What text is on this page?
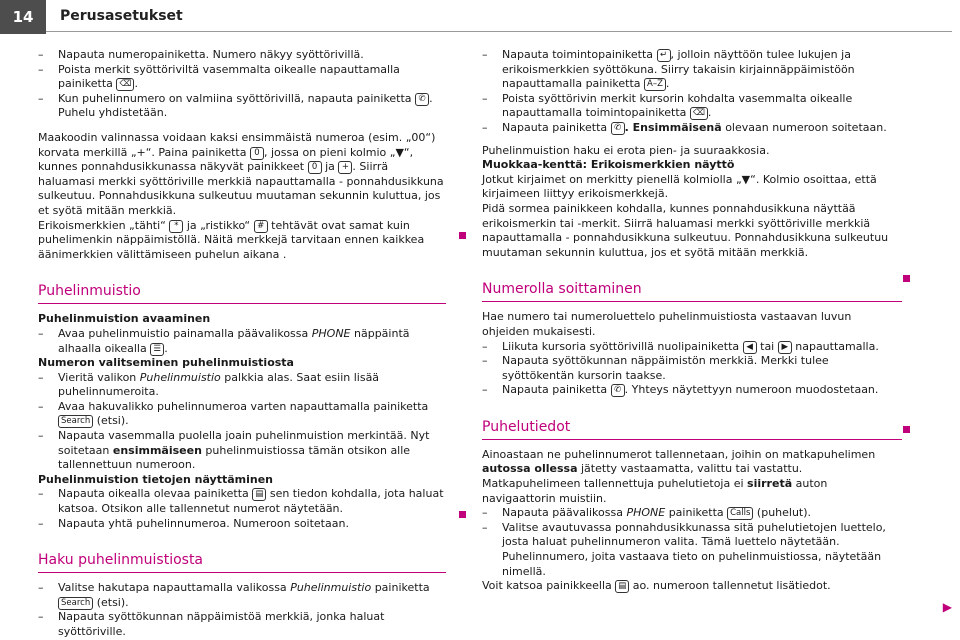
14	Perusasetukset

– Napauta numeropainiketta. Numero näkyy syöttörivillä.

– Poista merkit syöttöriviltä vasemmalta oikealle napauttamalla painiketta ⌫ .

– Kun puhelinnumero on valmiina syöttörivillä, napauta painiketta ✆ . Puhelu yhdistetään.

Maakoodin valinnassa voidaan kaksi ensimmäistä numeroa (esim. „00“) korvata merkillä „+“. Paina painiketta 0 , jossa on pieni kolmio „▼“, kunnes ponnahdusikkunassa näkyvät painikkeet 0 ja + . Siirrä haluamasi merkki syöttöriville merkkiä napauttamalla - ponnahdusikkuna sulkeutuu. Ponnahdusikkuna sulkeutuu muutaman sekunnin kuluttua, jos et syötä mitään merkkiä.

Erikoismerkkien „tähti“ * ja „ristikko“ # tehtävät ovat samat kuin puhelimenkin näppäimistöllä. Näitä merkkejä tarvitaan ennen kaikkea äänimerkkien välittämiseen puhelun aikana .

Puhelinmuistio

Puhelinmuistion avaaminen

– Avaa puhelinmuistio painamalla päävalikossa PHONE näppäintä alhaalla oikealla ☰ .

Numeron valitseminen puhelinmuistiosta

– Vieritä valikon Puhelinmuistio palkkia alas. Saat esiin lisää puhelinnumeroita.

– Avaa hakuvalikko puhelinnumeroa varten napauttamalla painiketta Search (etsi).

– Napauta vasemmalla puolella joain puhelinmuistion merkintää. Nyt soitetaan ensimmäiseen puhelinmuistiossa tämän otsikon alle tallennettuun numeroon.

Puhelinmuistion tietojen näyttäminen

– Napauta oikealla olevaa painiketta ▤ sen tiedon kohdalla, jota haluat katsoa. Otsikon alle tallennetut numerot näytetään.

– Napauta yhtä puhelinnumeroa. Numeroon soitetaan.

Haku puhelinmuistiosta

– Valitse hakutapa napauttamalla valikossa Puhelinmuistio painiketta Search (etsi).

– Napauta syöttökunnan näppäimistöä merkkiä, jonka haluat syöttöriville.

– Napauta toimintopainiketta ↵ , jolloin näyttöön tulee lukujen ja erikoismerkkien syöttökuna. Siirry takaisin kirjainnäppäimistöön napauttamalla painiketta A–Z .

– Poista syöttörivin merkit kursorin kohdalta vasemmalta oikealle napauttamalla toimintopainiketta ⌫ .

– Napauta painiketta ✆ . Ensimmäisenä olevaan numeroon soitetaan.

Puhelinmuistion haku ei erota pien- ja suuraakkosia.

Muokkaa-kenttä: Erikoismerkkien näyttö

Jotkut kirjaimet on merkitty pienellä kolmiolla „▼“. Kolmio osoittaa, että kirjaimeen liittyy erikoismerkkejä.

Pidä sormea painikkeen kohdalla, kunnes ponnahdusikkuna näyttää erikoismerkin tai -merkit. Siirrä haluamasi merkki syöttöriville merkkiä napauttamalla - ponnahdusikkuna sulkeutuu. Ponnahdusikkuna sulkeutuu muutaman sekunnin kuluttua, jos et syötä mitään merkkiä.

Numerolla soittaminen

Hae numero tai numeroluettelo puhelinmuistiosta vastaavan luvun ohjeiden mukaisesti.

– Liikuta kursoria syöttörivillä nuolipainiketta ◀ tai ▶ napauttamalla.

– Napauta syöttökunnan näppäimistön merkkiä. Merkki tulee syöttökentän kursorin taakse.

– Napauta painiketta ✆ . Yhteys näytettyyn numeroon muodostetaan.

Puhelutiedot

Ainoastaan ne puhelinnumerot tallennetaan, joihin on matkapuhelimen autossa ollessa jätetty vastaamatta, valittu tai vastattu. Matkapuhelimeen tallennettuja puhelutietoja ei siirretä auton navigaattorin muistiin.

– Napauta päävalikossa PHONE painiketta Calls (puhelut).

– Valitse avautuvassa ponnahdusikkunassa sitä puhelutietojen luettelo, josta haluat puhelinnumeron valita. Tämä luettelo näytetään. Puhelinnumero, joita vastaava tieto on puhelinmuistiossa, näytetään nimellä.

Voit katsoa painikkeella ▤ ao. numeroon tallennetut lisätiedot.

▶
